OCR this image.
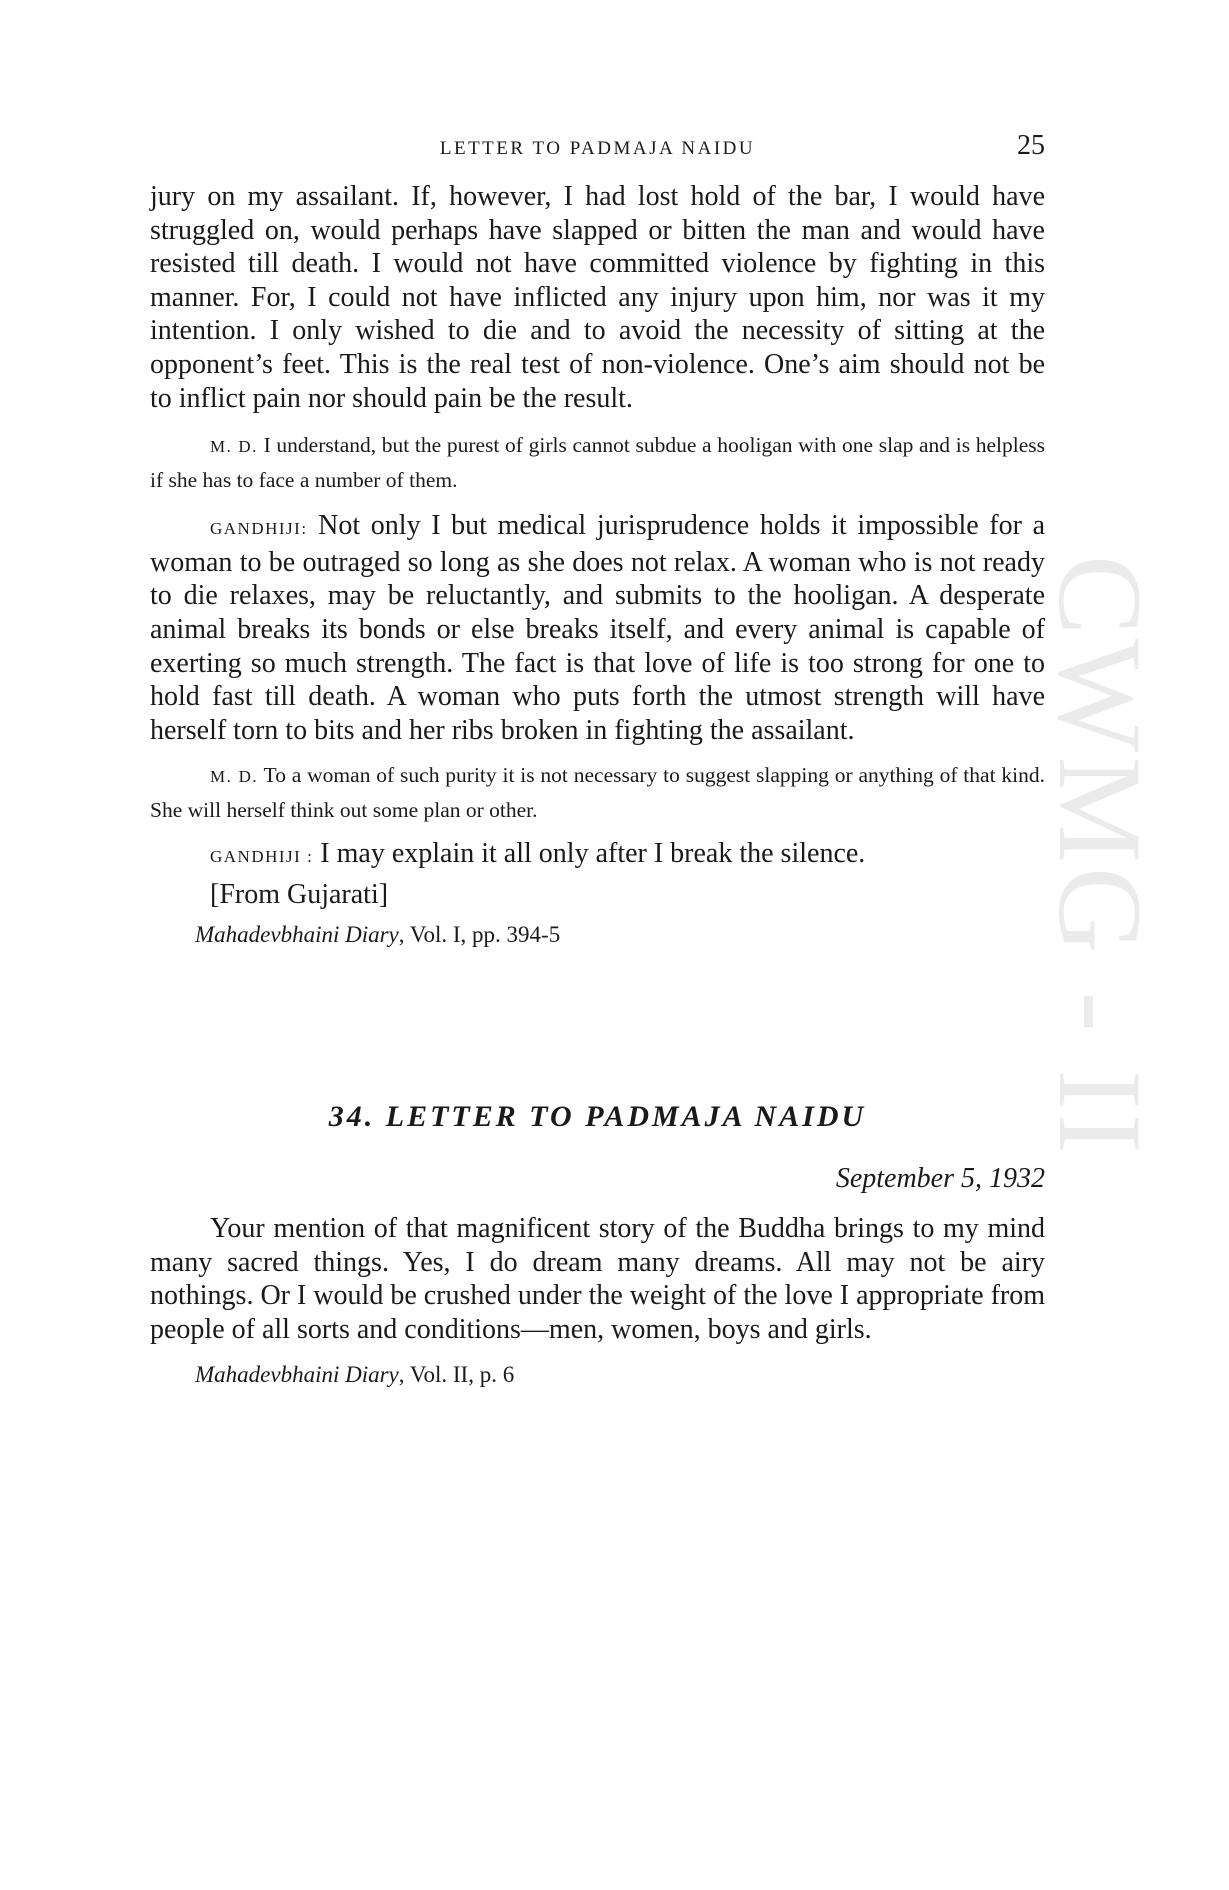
CWMG - II
LETTER TO PADMAJA NAIDU	25

jury on my assailant. If, however, I had lost hold of the bar, I would have struggled on, would perhaps have slapped or bitten the man and would have resisted till death. I would not have committed violence by fighting in this manner. For, I could not have inflicted any injury upon him, nor was it my intention. I only wished to die and to avoid the necessity of sitting at the opponent’s feet. This is the real test of non-violence. One’s aim should not be to inflict pain nor should pain be the result.

M. D. I understand, but the purest of girls cannot subdue a hooligan with one slap and is helpless if she has to face a number of them.

GANDHIJI: Not only I but medical jurisprudence holds it impossible for a woman to be outraged so long as she does not relax. A woman who is not ready to die relaxes, may be reluctantly, and submits to the hooligan. A desperate animal breaks its bonds or else breaks itself, and every animal is capable of exerting so much strength. The fact is that love of life is too strong for one to hold fast till death. A woman who puts forth the utmost strength will have herself torn to bits and her ribs broken in fighting the assailant.

M. D. To a woman of such purity it is not necessary to suggest slapping or anything of that kind. She will herself think out some plan or other.

GANDHIJI : I may explain it all only after I break the silence.

[From Gujarati]

Mahadevbhaini Diary, Vol. I, pp. 394-5

34. LETTER TO PADMAJA NAIDU

September 5, 1932

Your mention of that magnificent story of the Buddha brings to my mind many sacred things. Yes, I do dream many dreams. All may not be airy nothings. Or I would be crushed under the weight of the love I appropriate from people of all sorts and conditions—men, women, boys and girls.

Mahadevbhaini Diary, Vol. II, p. 6
